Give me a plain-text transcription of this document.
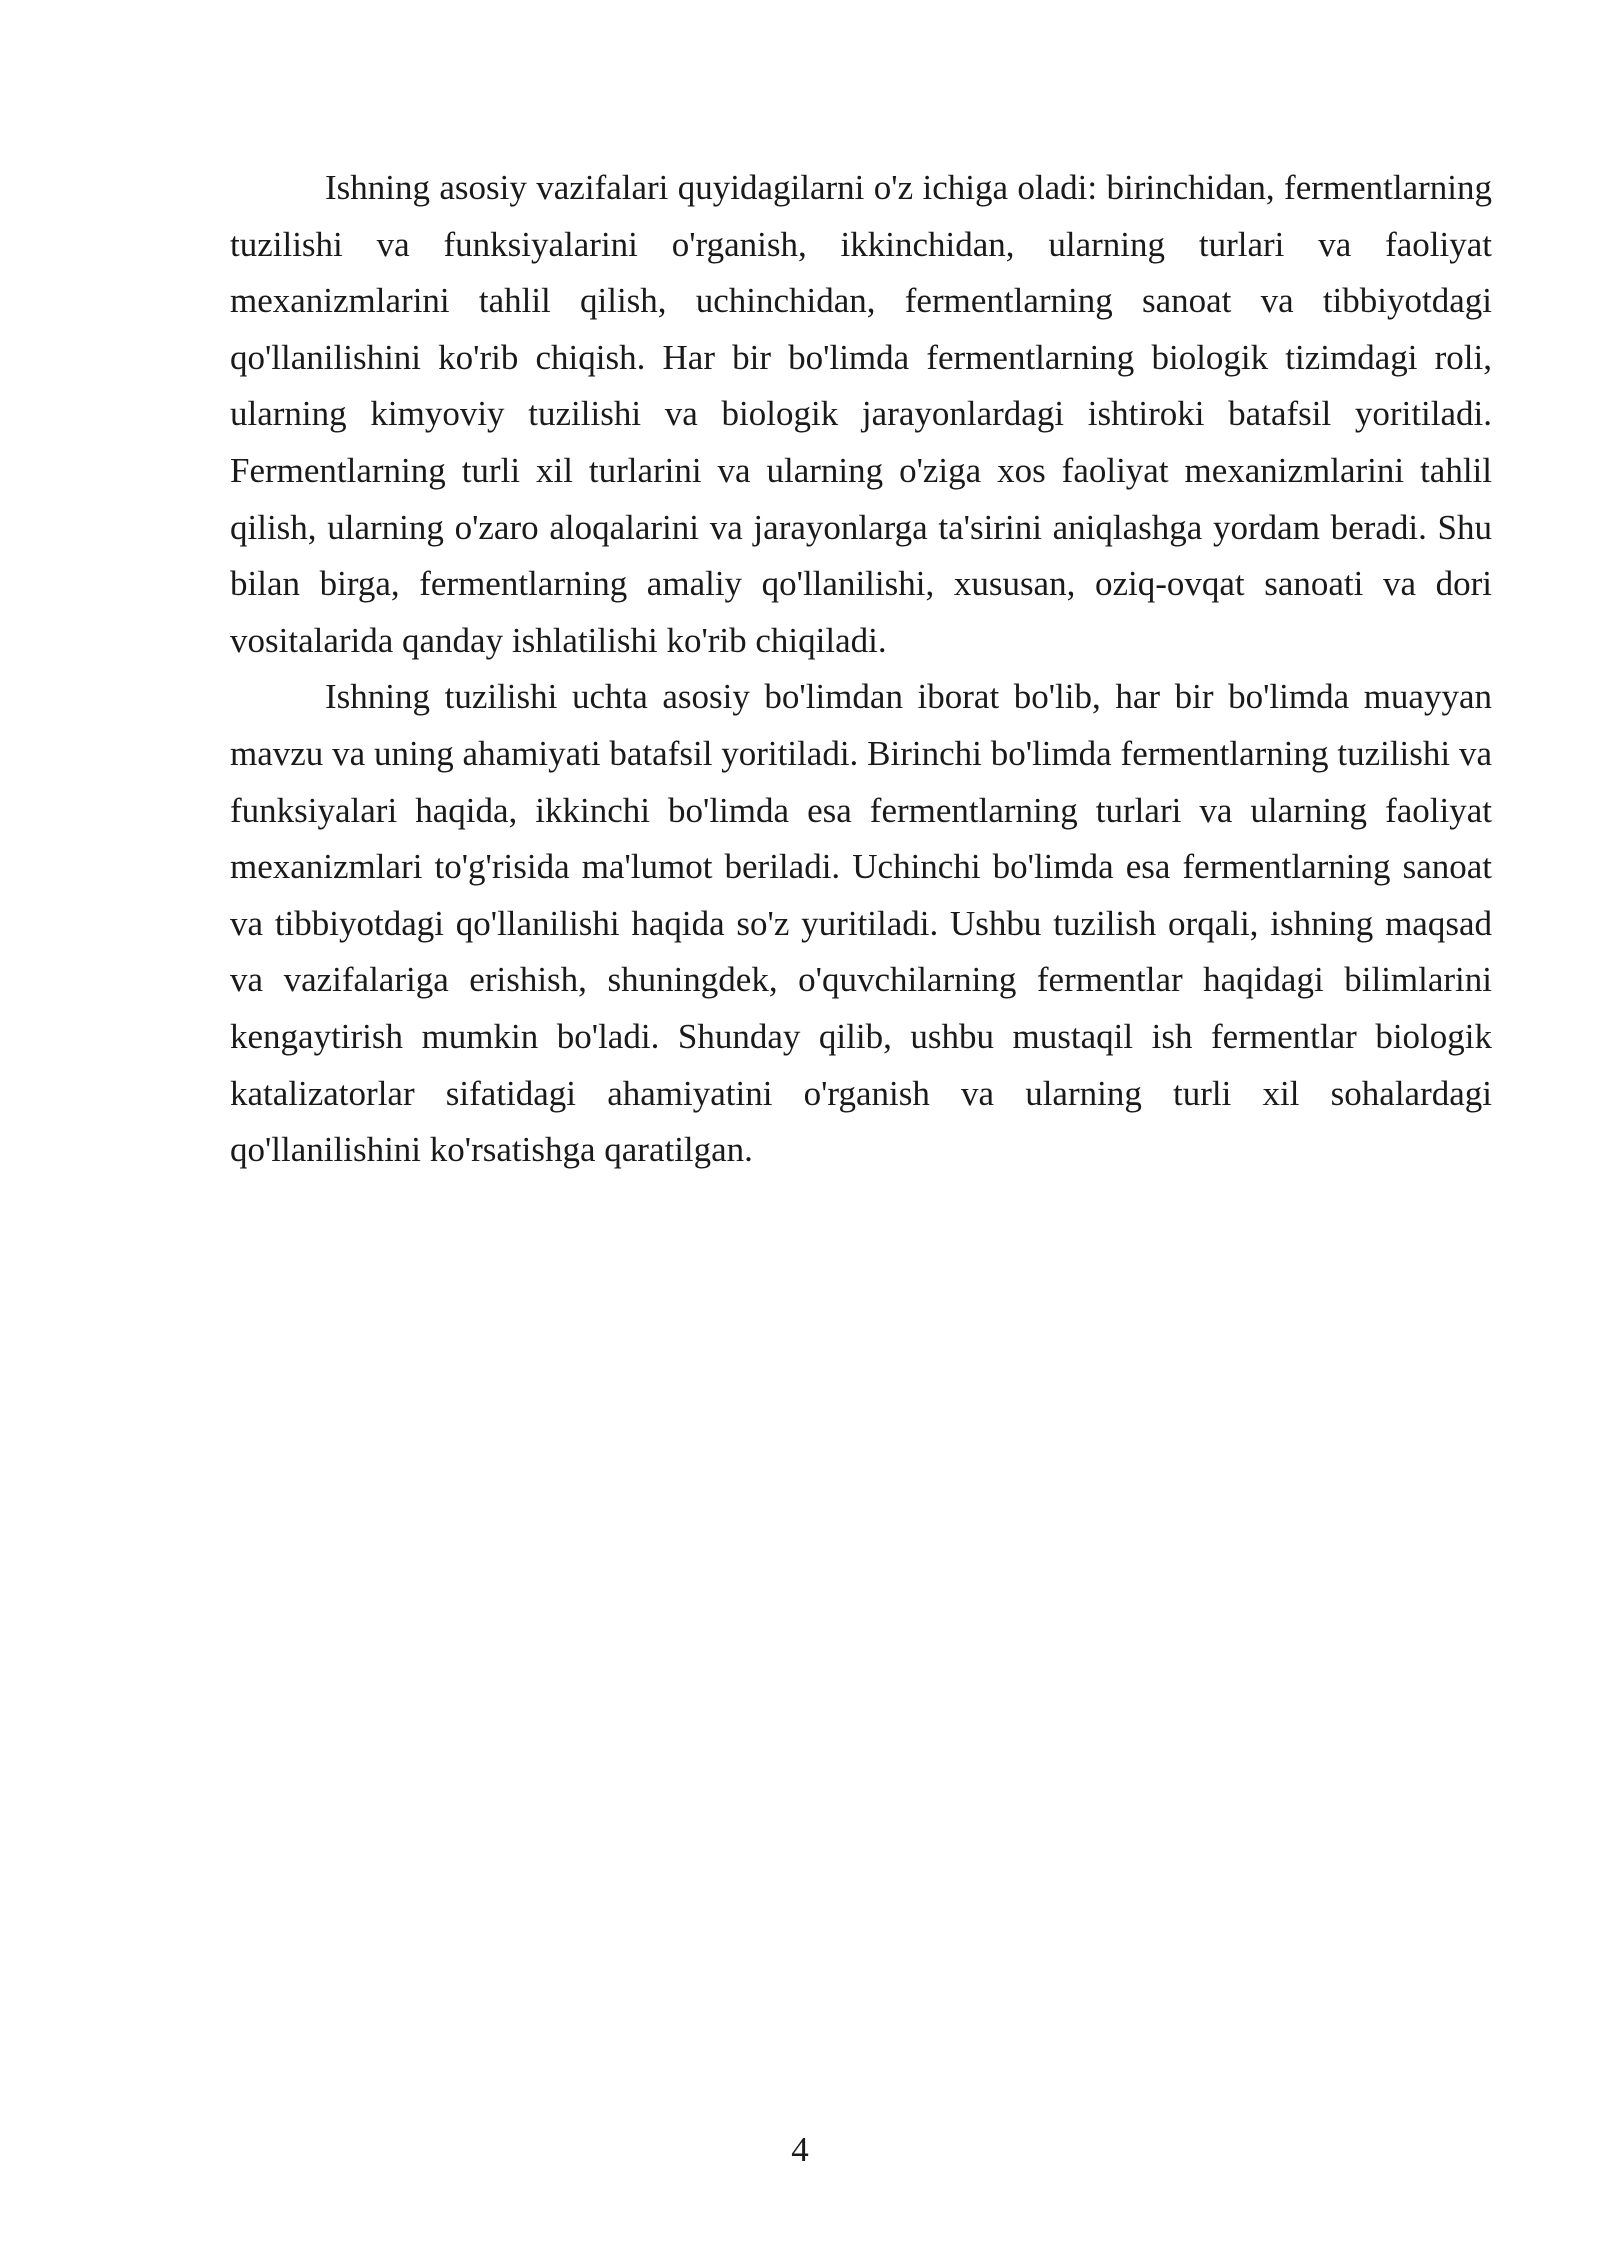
Ishning asosiy vazifalari quyidagilarni o'z ichiga oladi: birinchidan, fermentlarning tuzilishi va funksiyalarini o'rganish, ikkinchidan, ularning turlari va faoliyat mexanizmlarini tahlil qilish, uchinchidan, fermentlarning sanoat va tibbiyotdagi qo'llanilishini ko'rib chiqish. Har bir bo'limda fermentlarning biologik tizimdagi roli, ularning kimyoviy tuzilishi va biologik jarayonlardagi ishtiroki batafsil yoritiladi. Fermentlarning turli xil turlarini va ularning o'ziga xos faoliyat mexanizmlarini tahlil qilish, ularning o'zaro aloqalarini va jarayonlarga ta'sirini aniqlashga yordam beradi. Shu bilan birga, fermentlarning amaliy qo'llanilishi, xususan, oziq-ovqat sanoati va dori vositalarida qanday ishlatilishi ko'rib chiqiladi.

Ishning tuzilishi uchta asosiy bo'limdan iborat bo'lib, har bir bo'limda muayyan mavzu va uning ahamiyati batafsil yoritiladi. Birinchi bo'limda fermentlarning tuzilishi va funksiyalari haqida, ikkinchi bo'limda esa fermentlarning turlari va ularning faoliyat mexanizmlari to'g'risida ma'lumot beriladi. Uchinchi bo'limda esa fermentlarning sanoat va tibbiyotdagi qo'llanilishi haqida so'z yuritiladi. Ushbu tuzilish orqali, ishning maqsad va vazifalariga erishish, shuningdek, o'quvchilarning fermentlar haqidagi bilimlarini kengaytirish mumkin bo'ladi. Shunday qilib, ushbu mustaqil ish fermentlar biologik katalizatorlar sifatidagi ahamiyatini o'rganish va ularning turli xil sohalardagi qo'llanilishini ko'rsatishga qaratilgan.

4
